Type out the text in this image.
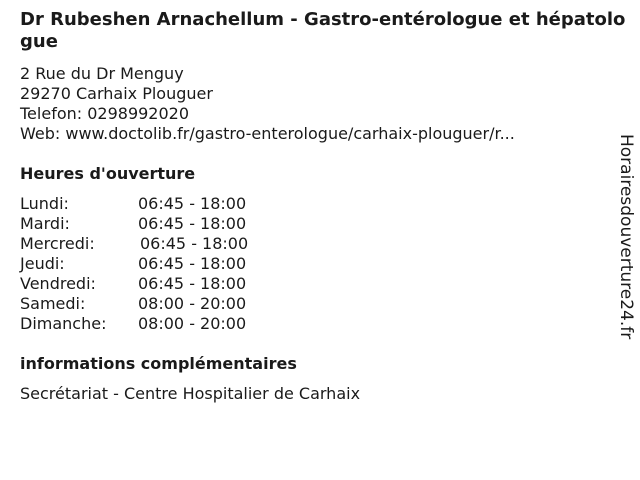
Dr Rubeshen Arnachellum - Gastro-entérologue et hépatologue
2 Rue du Dr Menguy
29270 Carhaix Plouguer
Telefon: 0298992020
Web: www.doctolib.fr/gastro-enterologue/carhaix-plouguer/r...
Heures d'ouverture
Lundi:	06:45 - 18:00
Mardi:	06:45 - 18:00
Mercredi:	06:45 - 18:00
Jeudi:	06:45 - 18:00
Vendredi:	06:45 - 18:00
Samedi:	08:00 - 20:00
Dimanche: 08:00 - 20:00
informations complémentaires
Secrétariat - Centre Hospitalier de Carhaix
Horairesdouverture24.fr
